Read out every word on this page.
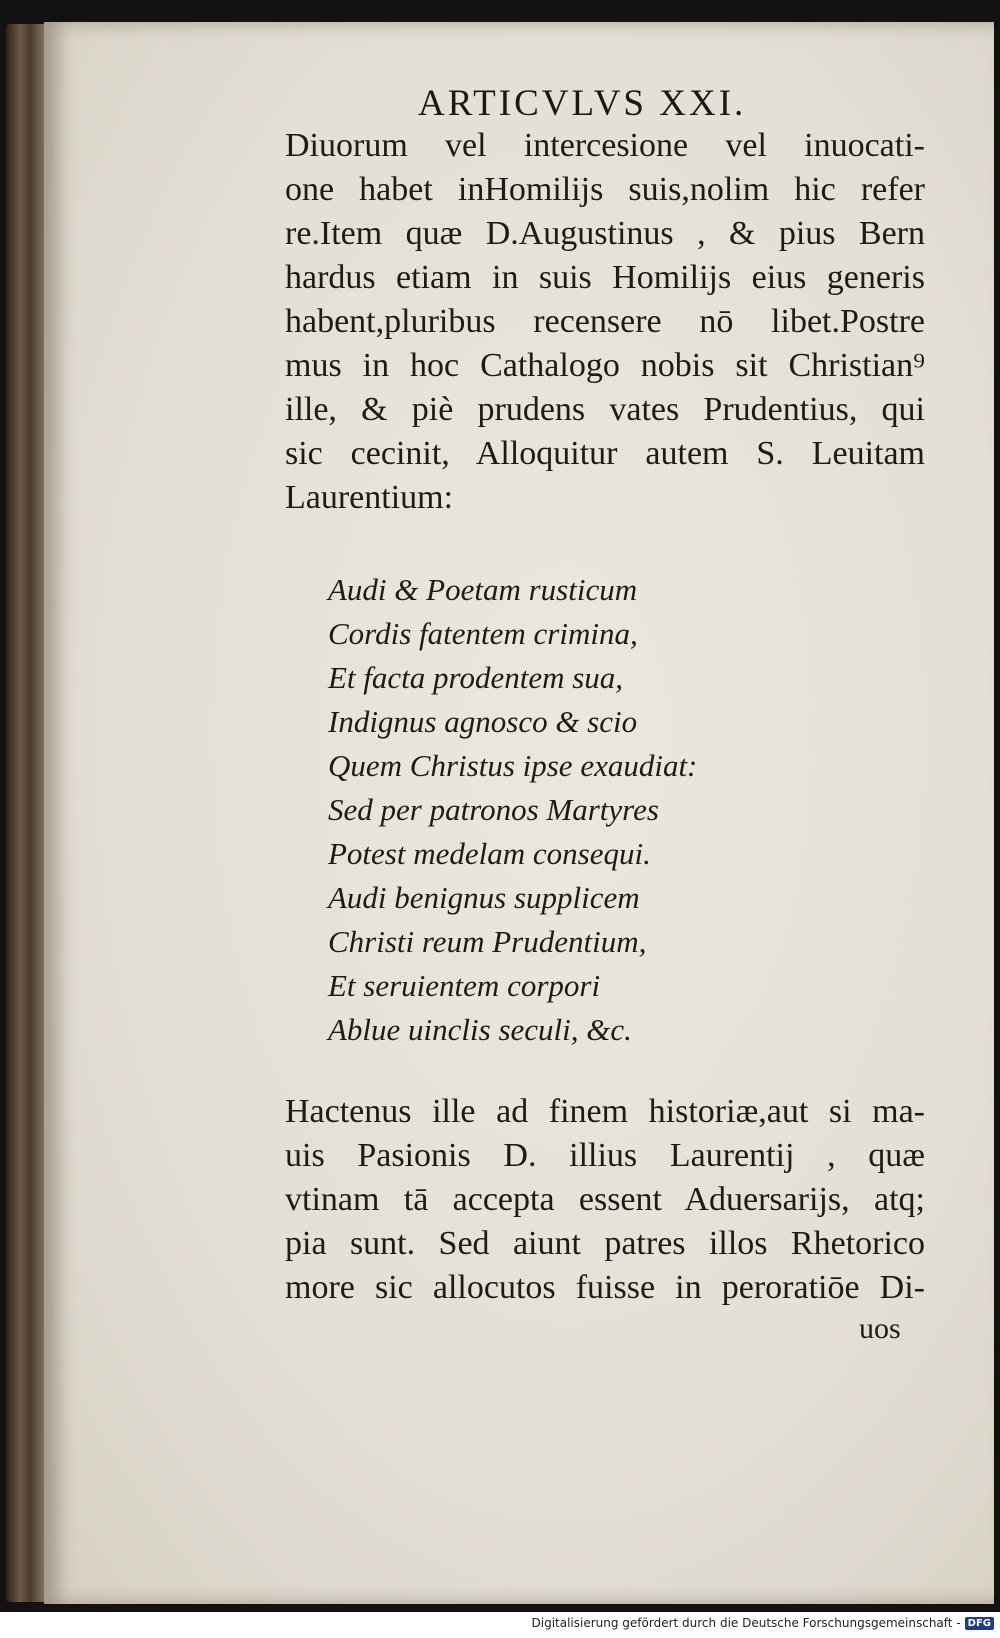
ARTICVLVS XXI.
Diuorum vel intercesione vel inuocati-
one habet inHomilijs suis,nolim hic refer
re.Item quæ D.Augustinus , & pius Bern
hardus etiam in suis Homilijs eius generis
habent,pluribus recensere nō libet.Postre
mus in hoc Cathalogo nobis sit Christian⁹
ille, & piè prudens vates Prudentius, qui
sic cecinit, Alloquitur autem S. Leuitam
Laurentium:
Audi & Poetam rusticum
Cordis fatentem crimina,
Et facta prodentem sua,
Indignus agnosco & scio
Quem Christus ipse exaudiat:
Sed per patronos Martyres
Potest medelam consequi.
Audi benignus supplicem
Christi reum Prudentium,
Et seruientem corpori
Ablue uinclis seculi, &c.
Hactenus ille ad finem historiæ,aut si ma-
uis Pasionis D. illius Laurentij , quæ
vtinam tā accepta essent Aduersarijs, atq;
pia sunt. Sed aiunt patres illos Rhetorico
more sic allocutos fuisse in peroratiōe Di-
uos
Digitalisierung gefördert durch die Deutsche Forschungsgemeinschaft - DFG
